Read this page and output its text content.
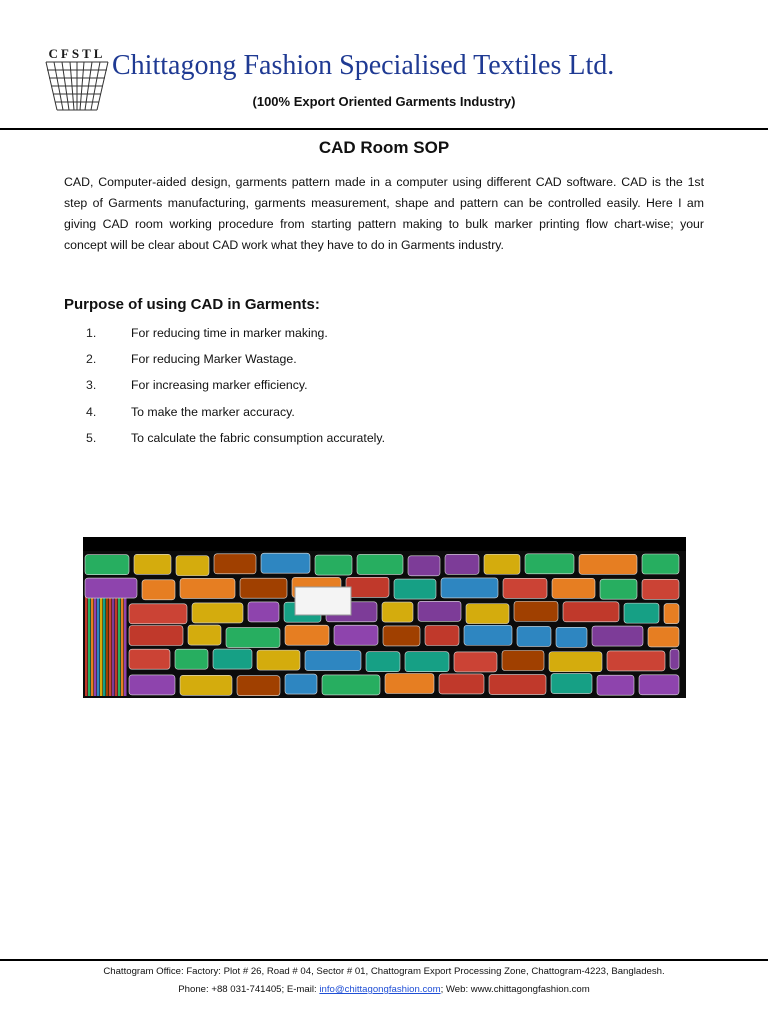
CFSTL Chittagong Fashion Specialised Textiles Ltd.
(100% Export Oriented Garments Industry)
CAD Room SOP
CAD, Computer-aided design, garments pattern made in a computer using different CAD software. CAD is the 1st step of Garments manufacturing, garments measurement, shape and pattern can be controlled easily. Here I am giving CAD room working procedure from starting pattern making to bulk marker printing flow chart-wise; your concept will be clear about CAD work what they have to do in Garments industry.
Purpose of using CAD in Garments:
1.	For reducing time in marker making.
2.	For reducing Marker Wastage.
3.	For increasing marker efficiency.
4.	To make the marker accuracy.
5.	To calculate the fabric consumption accurately.
Chattogram Office: Factory: Plot # 26, Road # 04, Sector # 01, Chattogram Export Processing Zone, Chattogram-4223, Bangladesh.
Phone: +88 031-741405; E-mail: info@chittagongfashion.com; Web: www.chittagongfashion.com
